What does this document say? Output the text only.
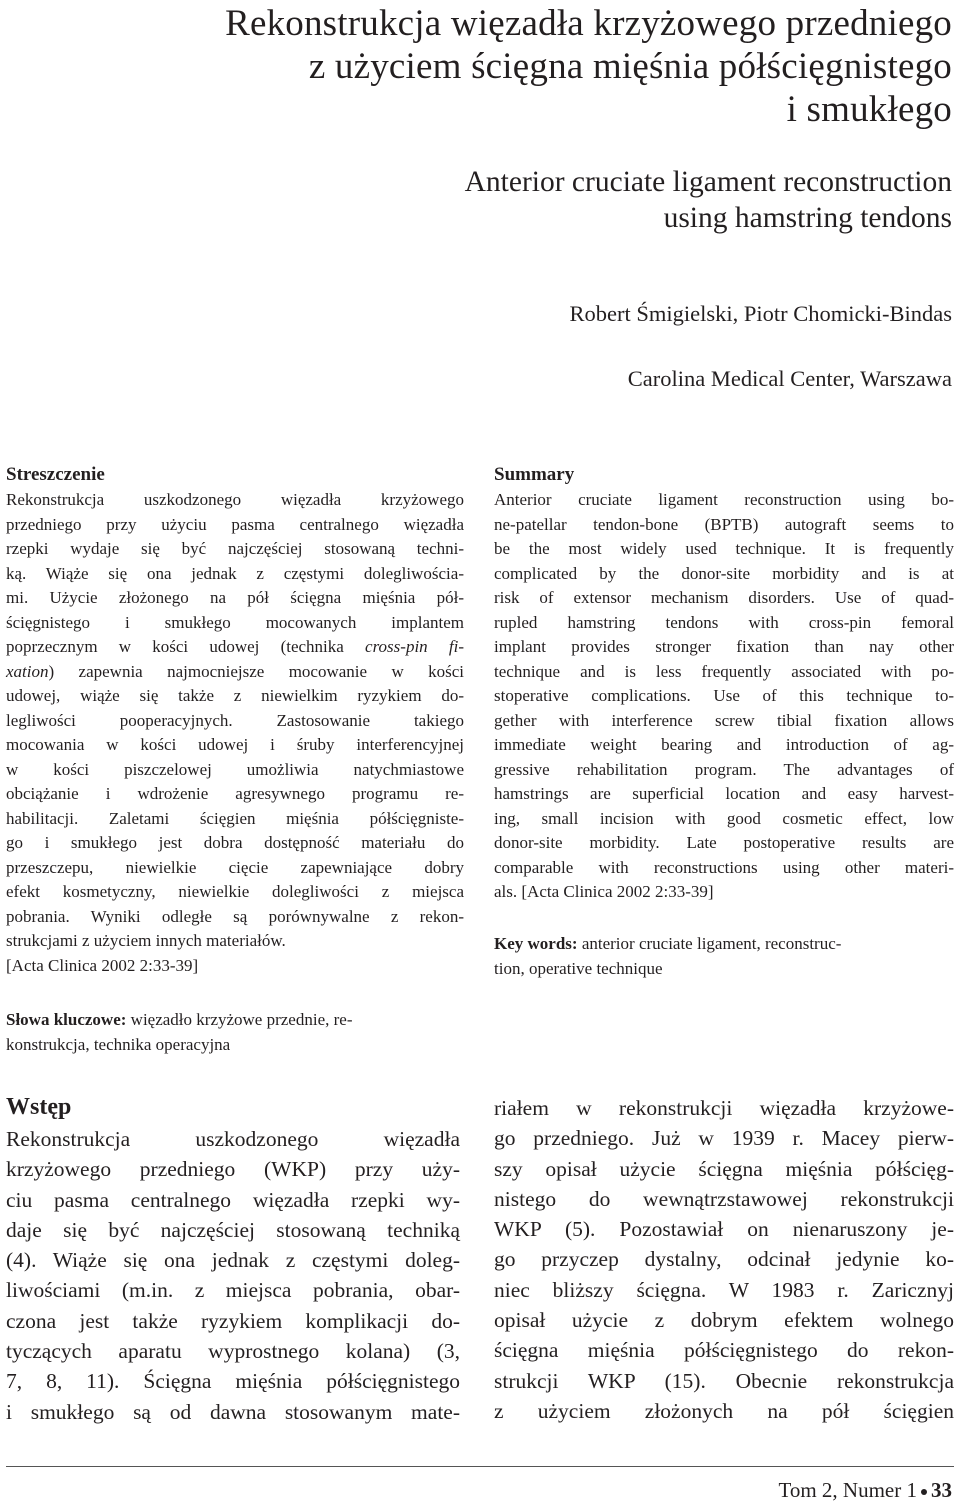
Rekonstrukcja więzadła krzyżowego przedniego
z użyciem ścięgna mięśnia półścięgnistego
i smukłego
Anterior cruciate ligament reconstruction
using hamstring tendons
Robert Śmigielski, Piotr Chomicki-Bindas
Carolina Medical Center, Warszawa
Streszczenie
Rekonstrukcja uszkodzonego więzadła krzyżowego
przedniego przy użyciu pasma centralnego więzadła
rzepki wydaje się być najczęściej stosowaną techni-
ką. Wiąże się ona jednak z częstymi dolegliwościa-
mi. Użycie złożonego na pół ścięgna mięśnia pół-
ścięgnistego i smukłego mocowanych implantem
poprzecznym w kości udowej (technika cross-pin fi-
xation) zapewnia najmocniejsze mocowanie w kości
udowej, wiąże się także z niewielkim ryzykiem do-
legliwości pooperacyjnych. Zastosowanie takiego
mocowania w kości udowej i śruby interferencyjnej
w kości piszczelowej umożliwia natychmiastowe
obciążanie i wdrożenie agresywnego programu re-
habilitacji. Zaletami ścięgien mięśnia półścięgniste-
go i smukłego jest dobra dostępność materiału do
przeszczepu, niewielkie cięcie zapewniające dobry
efekt kosmetyczny, niewielkie dolegliwości z miejsca
pobrania. Wyniki odległe są porównywalne z rekon-
strukcjami z użyciem innych materiałów.
[Acta Clinica 2002 2:33-39]
Summary
Anterior cruciate ligament reconstruction using bo-
ne-patellar tendon-bone (BPTB) autograft seems to
be the most widely used technique. It is frequently
complicated by the donor-site morbidity and is at
risk of extensor mechanism disorders. Use of quad-
rupled hamstring tendons with cross-pin femoral
implant provides stronger fixation than nay other
technique and is less frequently associated with po-
stoperative complications. Use of this technique to-
gether with interference screw tibial fixation allows
immediate weight bearing and introduction of ag-
gressive rehabilitation program. The advantages of
hamstrings are superficial location and easy harvest-
ing, small incision with good cosmetic effect, low
donor-site morbidity. Late postoperative results are
comparable with reconstructions using other materi-
als. [Acta Clinica 2002 2:33-39]
Key words: anterior cruciate ligament, reconstruc-
tion, operative technique
Słowa kluczowe: więzadło krzyżowe przednie, re-
konstrukcja, technika operacyjna
Wstęp
Rekonstrukcja uszkodzonego więzadła
krzyżowego przedniego (WKP) przy uży-
ciu pasma centralnego więzadła rzepki wy-
daje się być najczęściej stosowaną techniką
(4). Wiąże się ona jednak z częstymi doleg-
liwościami (m.in. z miejsca pobrania, obar-
czona jest także ryzykiem komplikacji do-
tyczących aparatu wyprostnego kolana) (3,
7, 8, 11). Ścięgna mięśnia półścięgnistego
i smukłego są od dawna stosowanym mate-
riałem w rekonstrukcji więzadła krzyżowe-
go przedniego. Już w 1939 r. Macey pierw-
szy opisał użycie ścięgna mięśnia półścięg-
nistego do wewnątrzstawowej rekonstrukcji
WKP (5). Pozostawiał on nienaruszony je-
go przyczep dystalny, odcinał jedynie ko-
niec bliższy ścięgna. W 1983 r. Zaricznyj
opisał użycie z dobrym efektem wolnego
ścięgna mięśnia półścięgnistego do rekon-
strukcji WKP (15). Obecnie rekonstrukcja
z użyciem złożonych na pół ścięgien
Tom 2, Numer 1 33
